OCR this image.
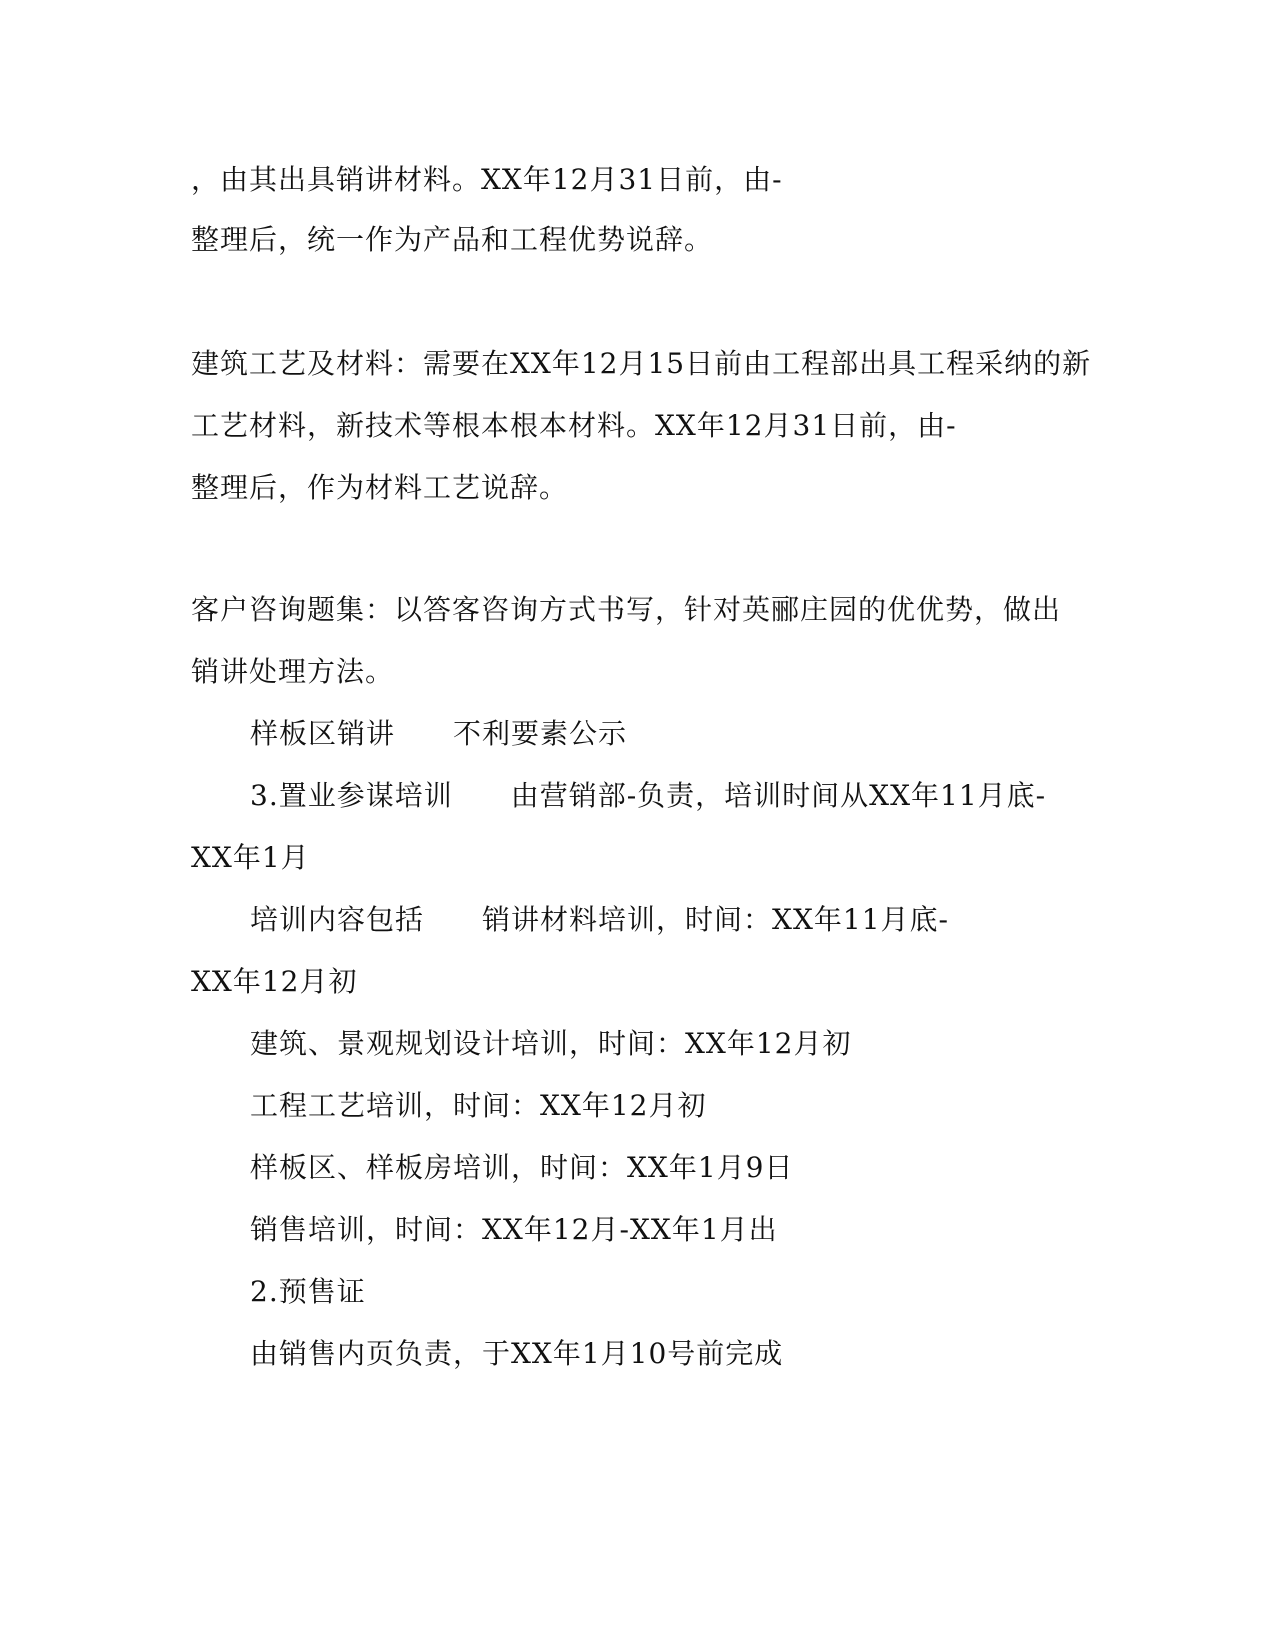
，由其出具销讲材料。XX年12月31日前，由-
整理后，统一作为产品和工程优势说辞。
建筑工艺及材料：需要在XX年12月15日前由工程部出具工程采纳的新
工艺材料，新技术等根本根本材料。XX年12月31日前，由-
整理后，作为材料工艺说辞。
客户咨询题集：以答客咨询方式书写，针对英郦庄园的优优势，做出
销讲处理方法。
样板区销讲 不利要素公示
3.置业参谋培训 由营销部-负责，培训时间从XX年11月底-
XX年1月
培训内容包括 销讲材料培训，时间：XX年11月底-
XX年12月初
建筑、景观规划设计培训，时间：XX年12月初
工程工艺培训，时间：XX年12月初
样板区、样板房培训，时间：XX年1月9日
销售培训，时间：XX年12月-XX年1月出
2.预售证
由销售内页负责，于XX年1月10号前完成
